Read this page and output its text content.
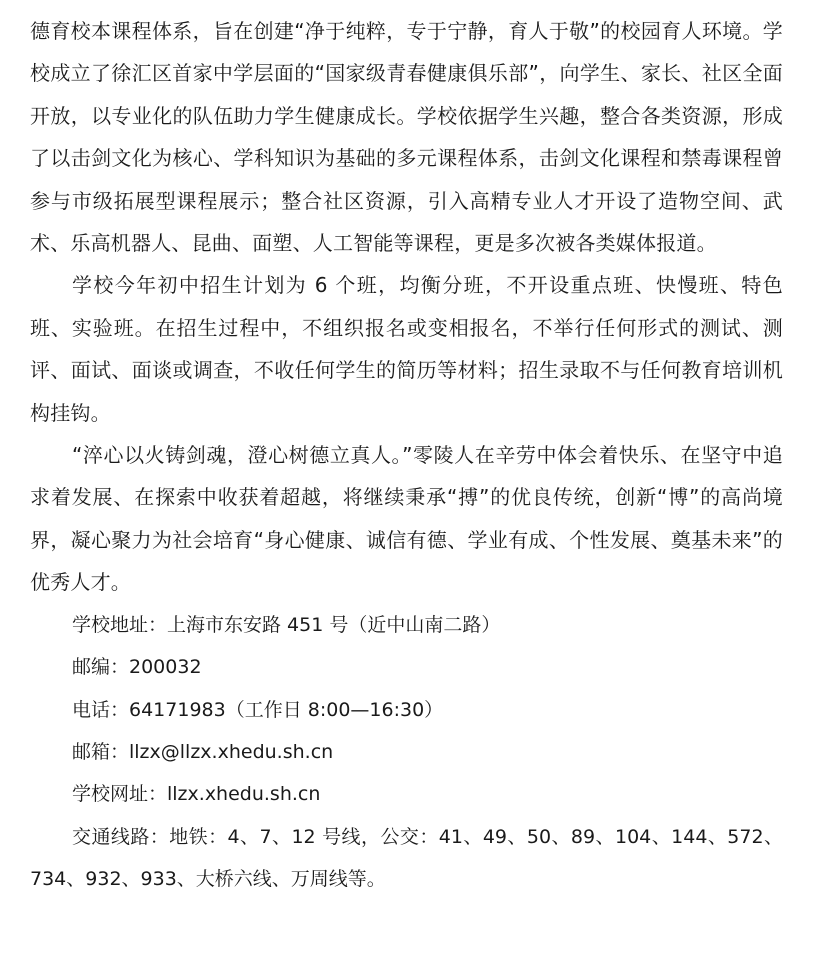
德育校本课程体系，旨在创建“净于纯粹，专于宁静，育人于敬”的校园育人环境。学校成立了徐汇区首家中学层面的“国家级青春健康俱乐部”，向学生、家长、社区全面开放，以专业化的队伍助力学生健康成长。学校依据学生兴趣，整合各类资源，形成了以击剑文化为核心、学科知识为基础的多元课程体系，击剑文化课程和禁毒课程曾参与市级拓展型课程展示；整合社区资源，引入高精专业人才开设了造物空间、武术、乐高机器人、昆曲、面塑、人工智能等课程，更是多次被各类媒体报道。

学校今年初中招生计划为 6 个班，均衡分班，不开设重点班、快慢班、特色班、实验班。在招生过程中，不组织报名或变相报名，不举行任何形式的测试、测评、面试、面谈或调查，不收任何学生的简历等材料；招生录取不与任何教育培训机构挂钩。

“淬心以火铸剑魂，澄心树德立真人。”零陵人在辛劳中体会着快乐、在坚守中追求着发展、在探索中收获着超越，将继续秉承“搏”的优良传统，创新“博”的高尚境界，凝心聚力为社会培育“身心健康、诚信有德、学业有成、个性发展、奠基未来”的优秀人才。

学校地址：上海市东安路 451 号（近中山南二路）

邮编：200032

电话：64171983（工作日 8:00—16:30）

邮箱：llzx@llzx.xhedu.sh.cn

学校网址：llzx.xhedu.sh.cn

交通线路：地铁：4、7、12 号线，公交：41、49、50、89、104、144、572、734、932、933、大桥六线、万周线等。
